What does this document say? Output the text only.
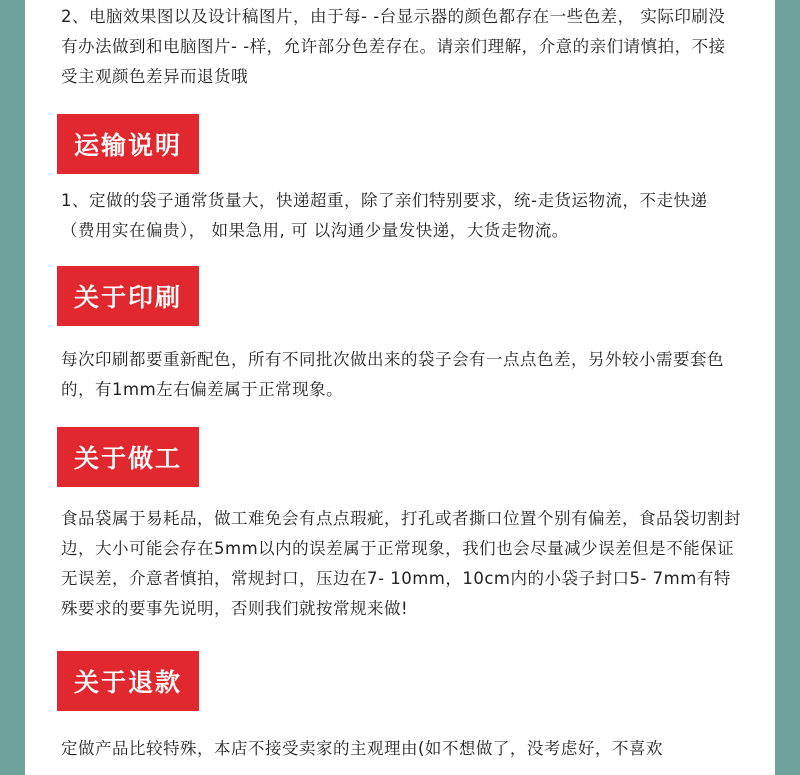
2、电脑效果图以及设计稿图片，由于每- -台显示器的颜色都存在一些色差， 实际印刷没有办法做到和电脑图片- -样，允许部分色差存在。请亲们理解，介意的亲们请慎拍，不接受主观颜色差异而退货哦

运输说明

1、定做的袋子通常货量大，快递超重，除了亲们特别要求，统-走货运物流，不走快递（费用实在偏贵）， 如果急用, 可 以沟通少量发快递，大货走物流。

关于印刷

每次印刷都要重新配色，所有不同批次做出来的袋子会有一点点色差，另外较小需要套色的，有1mm左右偏差属于正常现象。

关于做工

食品袋属于易耗品，做工难免会有点点瑕疵，打孔或者撕口位置个别有偏差，食品袋切割封边，大小可能会存在5mm以内的误差属于正常现象，我们也会尽量减少误差但是不能保证无误差，介意者慎拍，常规封口，压边在7- 10mm，10cm内的小袋子封口5- 7mm有特殊要求的要事先说明，否则我们就按常规来做!

关于退款

定做产品比较特殊，本店不接受卖家的主观理由(如不想做了，没考虑好，不喜欢
